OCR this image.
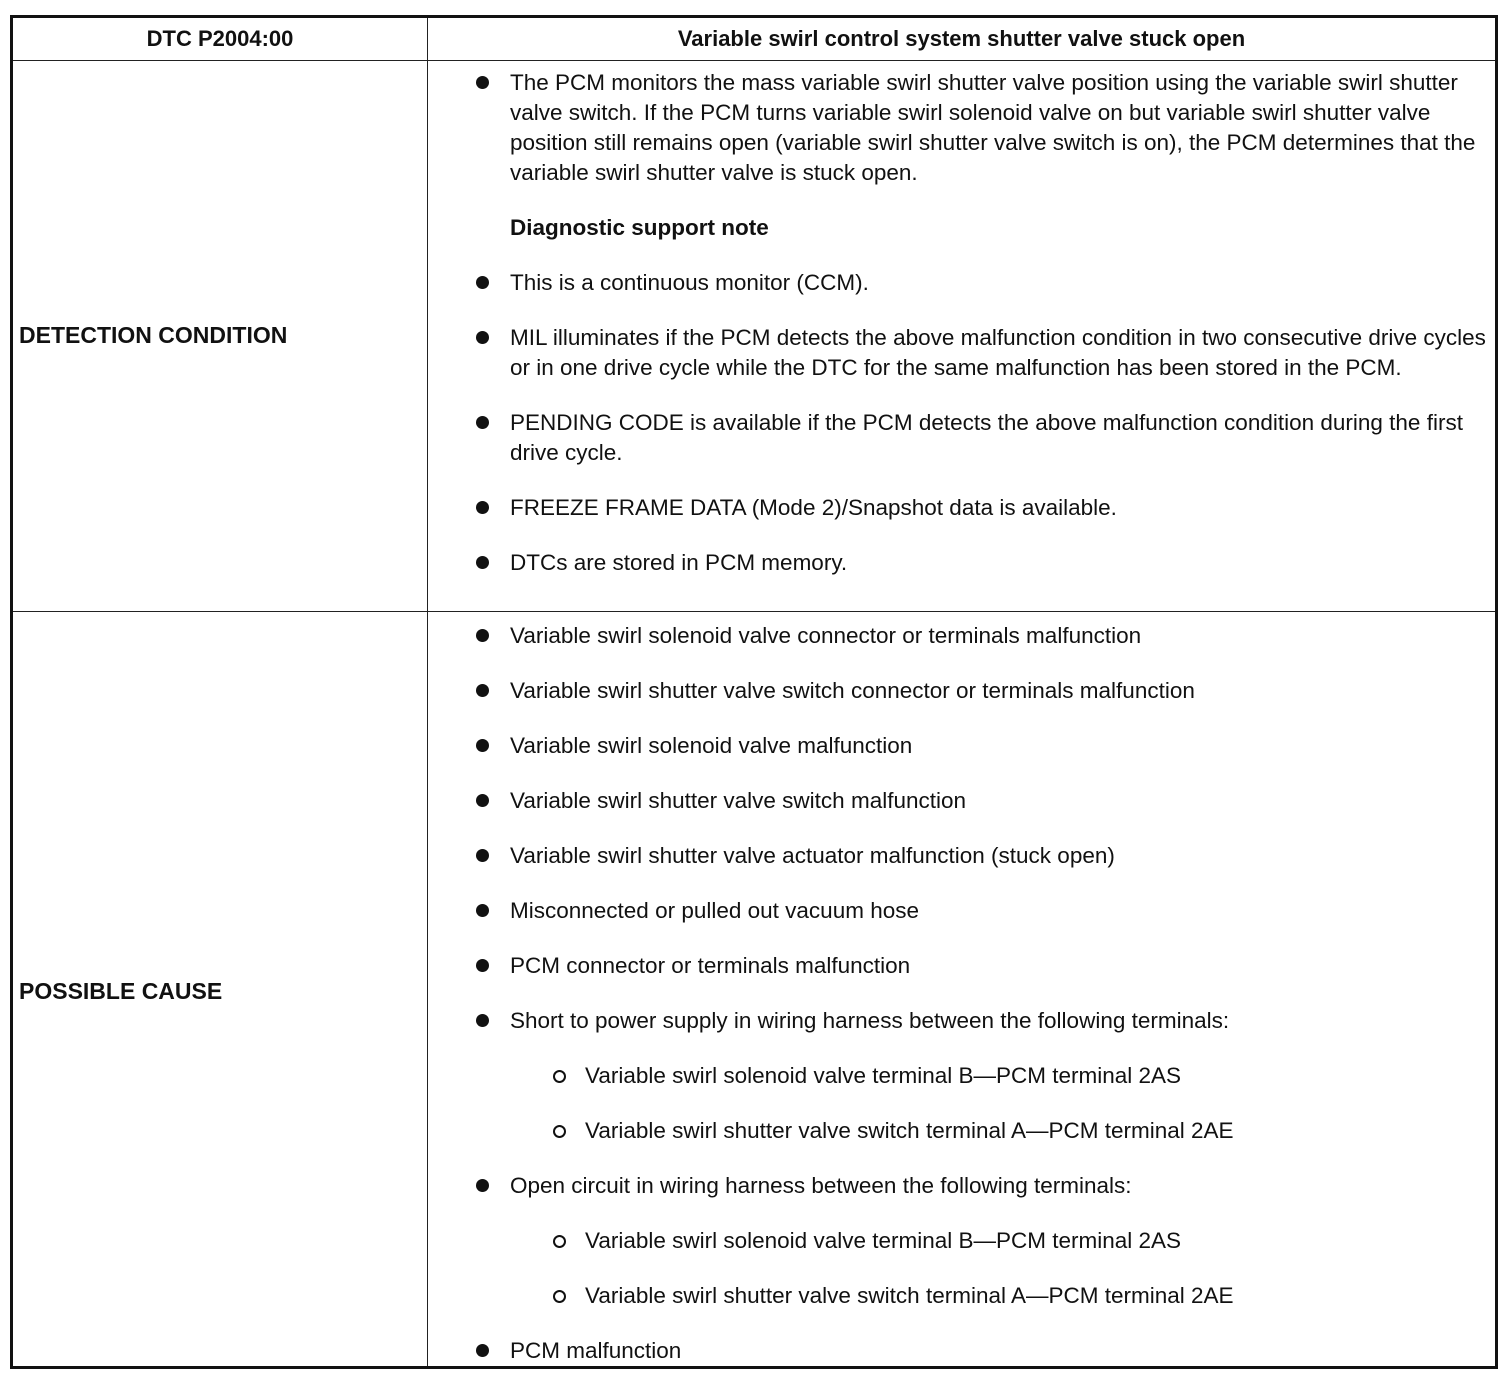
DTC P2004:00	Variable swirl control system shutter valve stuck open
DETECTION CONDITION
POSSIBLE CAUSE
The PCM monitors the mass variable swirl shutter valve position using the variable swirl shutter valve switch. If the PCM turns variable swirl solenoid valve on but variable swirl shutter valve position still remains open (variable swirl shutter valve switch is on), the PCM determines that the variable swirl shutter valve is stuck open.
Diagnostic support note
This is a continuous monitor (CCM).
MIL illuminates if the PCM detects the above malfunction condition in two consecutive drive cycles or in one drive cycle while the DTC for the same malfunction has been stored in the PCM.
PENDING CODE is available if the PCM detects the above malfunction condition during the first drive cycle.
FREEZE FRAME DATA (Mode 2)/Snapshot data is available.
DTCs are stored in PCM memory.
Variable swirl solenoid valve connector or terminals malfunction
Variable swirl shutter valve switch connector or terminals malfunction
Variable swirl solenoid valve malfunction
Variable swirl shutter valve switch malfunction
Variable swirl shutter valve actuator malfunction (stuck open)
Misconnected or pulled out vacuum hose
PCM connector or terminals malfunction
Short to power supply in wiring harness between the following terminals:
Variable swirl solenoid valve terminal B—PCM terminal 2AS
Variable swirl shutter valve switch terminal A—PCM terminal 2AE
Open circuit in wiring harness between the following terminals:
Variable swirl solenoid valve terminal B—PCM terminal 2AS
Variable swirl shutter valve switch terminal A—PCM terminal 2AE
PCM malfunction
